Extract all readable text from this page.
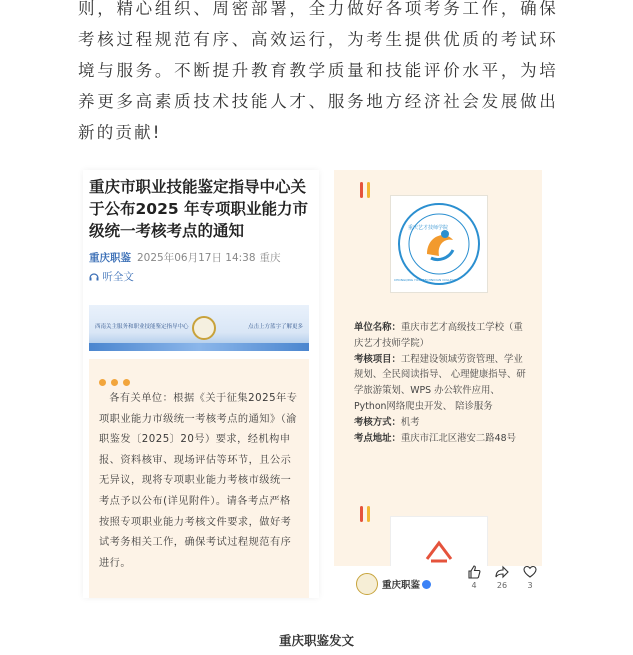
则，精心组织、周密部署，全力做好各项考务工作，确保考核过程规范有序、高效运行，为考生提供优质的考试环境与服务。不断提升教育教学质量和技能评价水平，为培养更多高素质技术技能人才、服务地方经济社会发展做出新的贡献!

重庆市职业技能鉴定指导中心关于公布2025 年专项职业能力市级统一考核考点的通知

重庆职鉴 2025年06月17日 14:38 重庆
听全文
西南关主服务和职业技能鉴定指导中心	点击上方蓝字了解更多

各有关单位：根据《关于征集2025年专项职业能力市级统一考核考点的通知》（渝职鉴发〔2025〕20号）要求，经机构申报、资料核审、现场评估等环节，且公示无异议，现将专项职业能力考核市级统一考点予以公布(详见附件）。请各考点严格按照专项职业能力考核文件要求，做好考试考务相关工作，确保考试过程规范有序进行。

重庆艺才技师学院
CHONGQING YICAI TECHNICIAN COLLEGE
单位名称：重庆市艺才高级技工学校（重庆艺才技师学院）
考核项目：工程建设领域劳资管理、学业规划、全民阅读指导、 心理健康指导、研学旅游策划、WPS 办公软件应用、Python网络爬虫开发、 陪诊服务
考核方式：机考
考点地址：重庆市江北区港安二路48号
重庆职鉴	4	26	3

重庆职鉴发文
